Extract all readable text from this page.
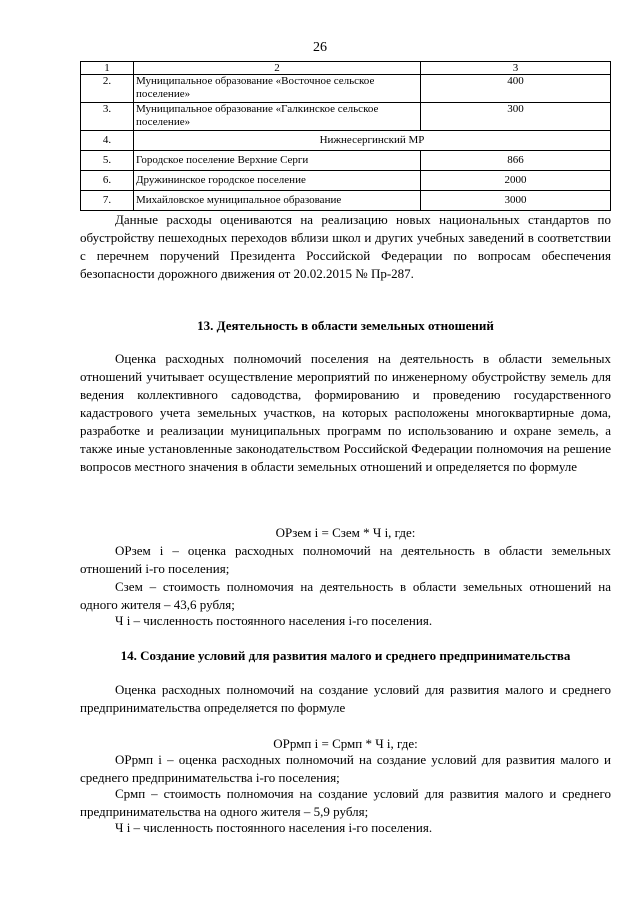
26
1	2	3
2.	Муниципальное образование «Восточное сельское поселение»	400
3.	Муниципальное образование «Галкинское сельское поселение»	300
4.	Нижнесергинский МР	
5.	Городское поселение Верхние Серги	866
6.	Дружининское городское поселение	2000
7.	Михайловское муниципальное образование	3000

Данные расходы оцениваются на реализацию новых национальных стандартов по обустройству пешеходных переходов вблизи школ и других учебных заведений в соответствии с перечнем поручений Президента Российской Федерации по вопросам обеспечения безопасности дорожного движения от 20.02.2015 № Пр-287.

13. Деятельность в области земельных отношений

Оценка расходных полномочий поселения на деятельность в области земельных отношений учитывает осуществление мероприятий по инженерному обустройству земель для ведения коллективного садоводства, формированию и проведению государственного кадастрового учета земельных участков, на которых расположены многоквартирные дома, разработке и реализации муниципальных программ по использованию и охране земель, а также иные установленные законодательством Российской Федерации полномочия на решение вопросов местного значения в области земельных отношений и определяется по формуле

ОРзем i = Сзем * Ч i, где:

ОРзем i – оценка расходных полномочий на деятельность в области земельных отношений i-го поселения;

Сзем – стоимость полномочия на деятельность в области земельных отношений на одного жителя – 43,6 рубля;

Ч i – численность постоянного населения i-го поселения.

14. Создание условий для развития малого и среднего предпринимательства

Оценка расходных полномочий на создание условий для развития малого и среднего предпринимательства определяется по формуле

ОРрмп i = Срмп * Ч i, где:

ОРрмп i – оценка расходных полномочий на создание условий для развития малого и среднего предпринимательства i-го поселения;

Срмп – стоимость полномочия на создание условий для развития малого и среднего предпринимательства на одного жителя – 5,9 рубля;

Ч i – численность постоянного населения i-го поселения.
